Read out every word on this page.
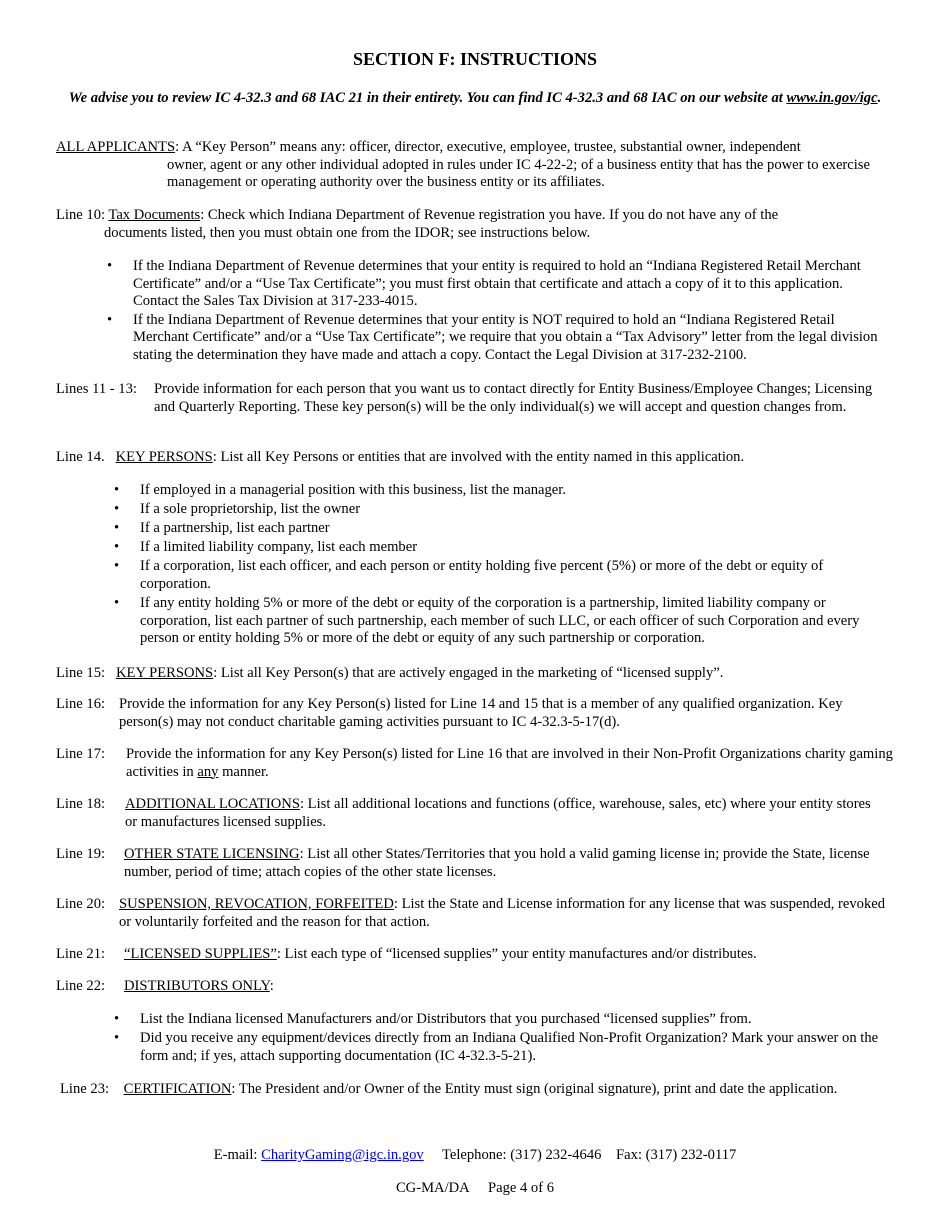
SECTION F: INSTRUCTIONS
We advise you to review IC 4-32.3 and 68 IAC 21 in their entirety. You can find IC 4-32.3 and 68 IAC on our website at www.in.gov/igc.
ALL APPLICANTS: A “Key Person” means any: officer, director, executive, employee, trustee, substantial owner, independent
owner, agent or any other individual adopted in rules under IC 4-22-2; of a business entity that has the power to exercise management or operating authority over the business entity or its affiliates.
Line 10: Tax Documents: Check which Indiana Department of Revenue registration you have. If you do not have any of the
documents listed, then you must obtain one from the IDOR; see instructions below.
• If the Indiana Department of Revenue determines that your entity is required to hold an “Indiana Registered Retail Merchant Certificate” and/or a “Use Tax Certificate”; you must first obtain that certificate and attach a copy of it to this application. Contact the Sales Tax Division at 317-233-4015.
• If the Indiana Department of Revenue determines that your entity is NOT required to hold an “Indiana Registered Retail Merchant Certificate” and/or a “Use Tax Certificate”; we require that you obtain a “Tax Advisory” letter from the legal division stating the determination they have made and attach a copy. Contact the Legal Division at 317-232-2100.
Lines 11 - 13:	Provide information for each person that you want us to contact directly for Entity Business/Employee Changes; Licensing and Quarterly Reporting. These key person(s) will be the only individual(s) we will accept and question changes from.
Line 14. KEY PERSONS: List all Key Persons or entities that are involved with the entity named in this application.
• If employed in a managerial position with this business, list the manager.
• If a sole proprietorship, list the owner
• If a partnership, list each partner
• If a limited liability company, list each member
• If a corporation, list each officer, and each person or entity holding five percent (5%) or more of the debt or equity of corporation.
• If any entity holding 5% or more of the debt or equity of the corporation is a partnership, limited liability company or corporation, list each partner of such partnership, each member of such LLC, or each officer of such Corporation and every person or entity holding 5% or more of the debt or equity of any such partnership or corporation.
Line 15: KEY PERSONS: List all Key Person(s) that are actively engaged in the marketing of “licensed supply”.
Line 16: Provide the information for any Key Person(s) listed for Line 14 and 15 that is a member of any qualified organization. Key person(s) may not conduct charitable gaming activities pursuant to IC 4-32.3-5-17(d).
Line 17:	Provide the information for any Key Person(s) listed for Line 16 that are involved in their Non-Profit Organizations charity gaming activities in any manner.
Line 18:	ADDITIONAL LOCATIONS: List all additional locations and functions (office, warehouse, sales, etc) where your entity stores or manufactures licensed supplies.
Line 19:	OTHER STATE LICENSING: List all other States/Territories that you hold a valid gaming license in; provide the State, license number, period of time; attach copies of the other state licenses.
Line 20: SUSPENSION, REVOCATION, FORFEITED: List the State and License information for any license that was suspended, revoked or voluntarily forfeited and the reason for that action.
Line 21:	“LICENSED SUPPLIES”: List each type of “licensed supplies” your entity manufactures and/or distributes.
Line 22:	DISTRIBUTORS ONLY:
• List the Indiana licensed Manufacturers and/or Distributors that you purchased “licensed supplies” from.
• Did you receive any equipment/devices directly from an Indiana Qualified Non-Profit Organization? Mark your answer on the form and; if yes, attach supporting documentation (IC 4-32.3-5-21).
Line 23: CERTIFICATION: The President and/or Owner of the Entity must sign (original signature), print and date the application.
E-mail: CharityGaming@igc.in.gov Telephone: (317) 232-4646 Fax: (317) 232-0117
CG-MA/DA Page 4 of 6
